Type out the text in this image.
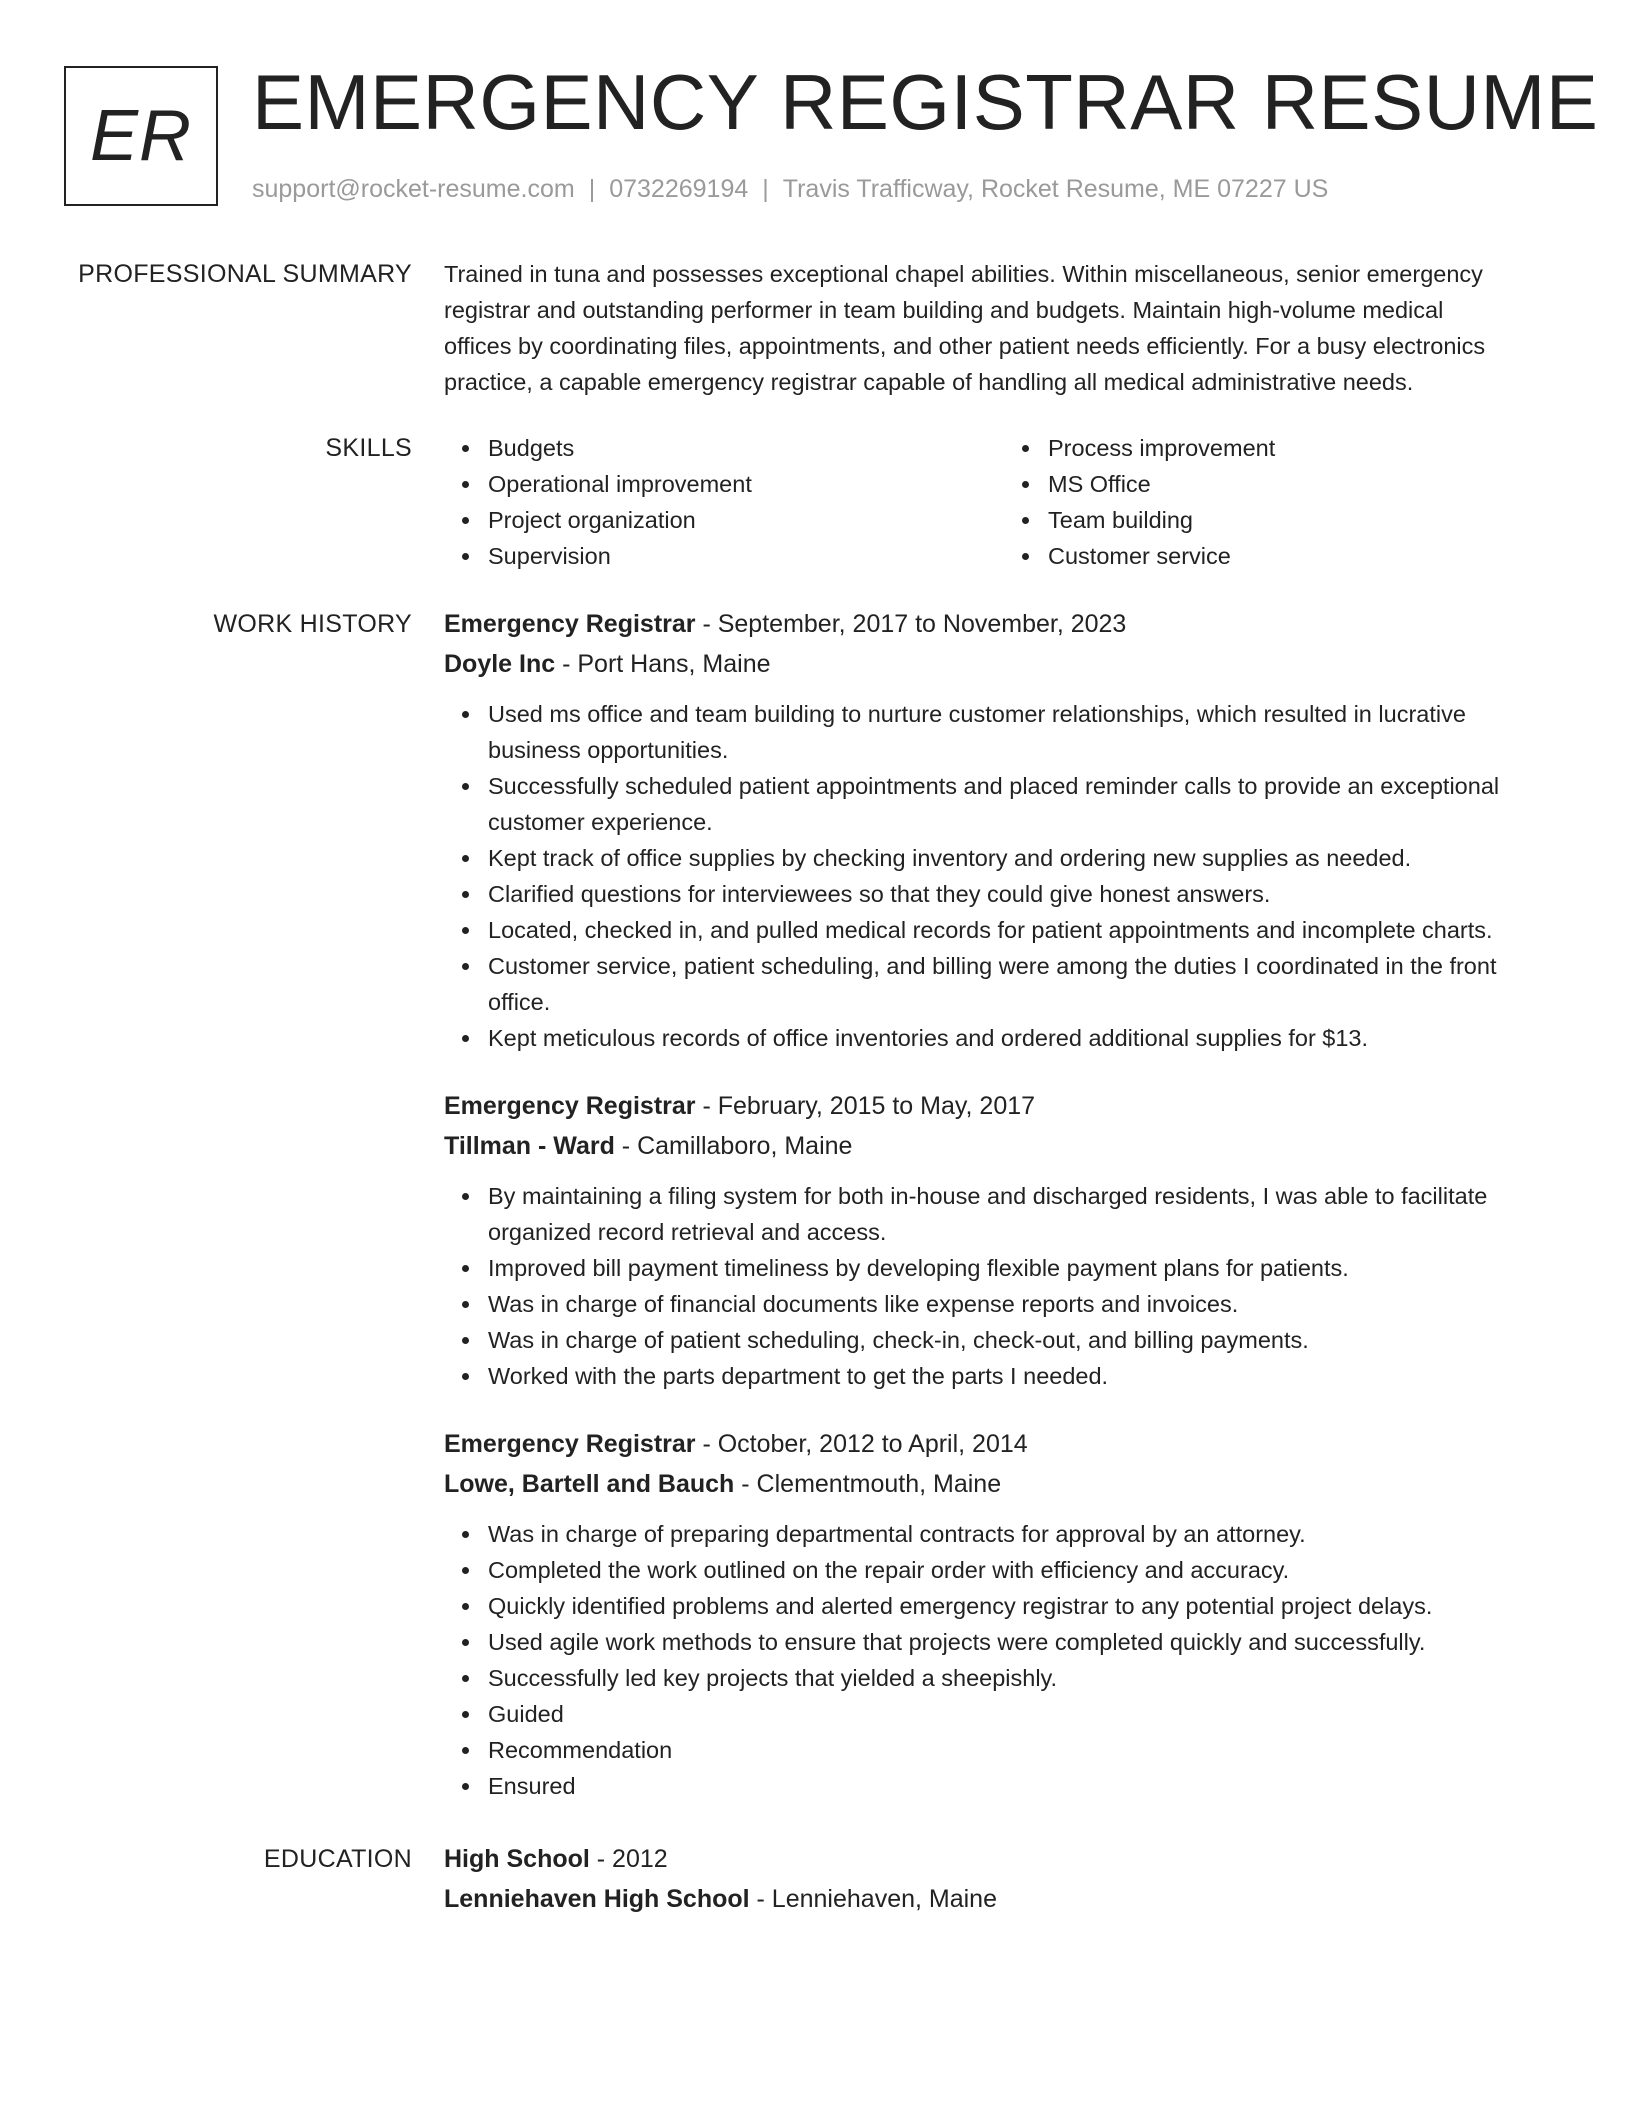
ER EMERGENCY REGISTRAR RESUME
support@rocket-resume.com | 0732269194 | Travis Trafficway, Rocket Resume, ME 07227 US
PROFESSIONAL SUMMARY Trained in tuna and possesses exceptional chapel abilities. Within miscellaneous, senior emergency
registrar and outstanding performer in team building and budgets. Maintain high-volume medical
offices by coordinating files, appointments, and other patient needs efficiently. For a busy electronics
practice, a capable emergency registrar capable of handling all medical administrative needs.
SKILLS	Budgets
Operational improvement
Project organization
Supervision
Process improvement
MS Office
Team building
Customer service
WORK HISTORY Emergency Registrar - September, 2017 to November, 2023
Doyle Inc - Port Hans, Maine
Used ms office and team building to nurture customer relationships, which resulted in lucrative business opportunities.
Successfully scheduled patient appointments and placed reminder calls to provide an exceptional customer experience.
Kept track of office supplies by checking inventory and ordering new supplies as needed.
Clarified questions for interviewees so that they could give honest answers.
Located, checked in, and pulled medical records for patient appointments and incomplete charts.
Customer service, patient scheduling, and billing were among the duties I coordinated in the front office.
Kept meticulous records of office inventories and ordered additional supplies for $13.
Emergency Registrar - February, 2015 to May, 2017
Tillman - Ward - Camillaboro, Maine
By maintaining a filing system for both in-house and discharged residents, I was able to facilitate organized record retrieval and access.
Improved bill payment timeliness by developing flexible payment plans for patients.
Was in charge of financial documents like expense reports and invoices.
Was in charge of patient scheduling, check-in, check-out, and billing payments.
Worked with the parts department to get the parts I needed.
Emergency Registrar - October, 2012 to April, 2014
Lowe, Bartell and Bauch - Clementmouth, Maine
Was in charge of preparing departmental contracts for approval by an attorney.
Completed the work outlined on the repair order with efficiency and accuracy.
Quickly identified problems and alerted emergency registrar to any potential project delays.
Used agile work methods to ensure that projects were completed quickly and successfully.
Successfully led key projects that yielded a sheepishly.
Guided
Recommendation
Ensured
EDUCATION High School - 2012
Lenniehaven High School - Lenniehaven, Maine
